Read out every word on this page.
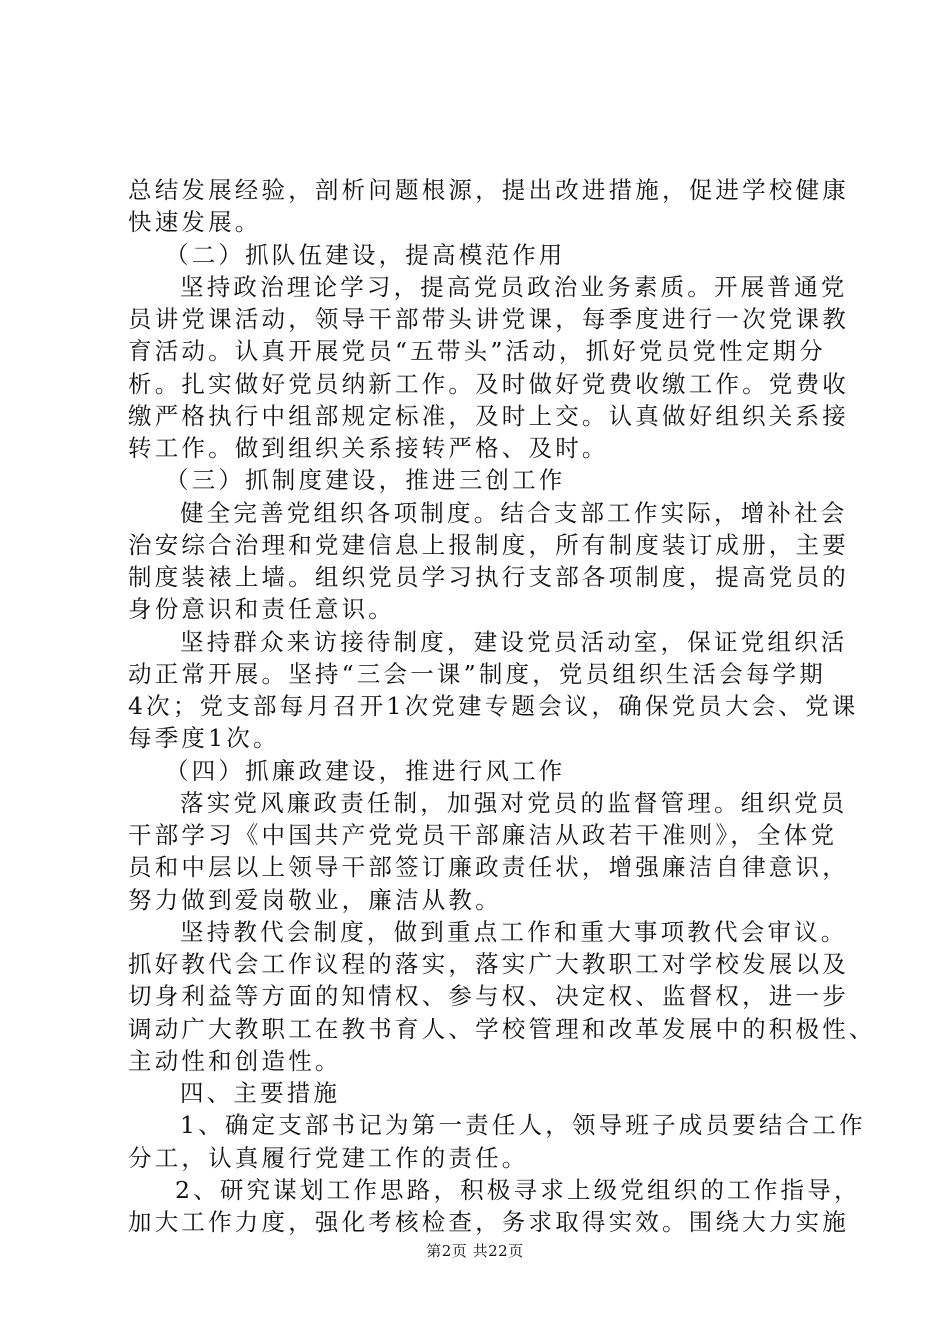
总结发展经验，剖析问题根源，提出改进措施，促进学校健康
快速发展。
（二）抓队伍建设，提高模范作用
坚持政治理论学习，提高党员政治业务素质。开展普通党
员讲党课活动，领导干部带头讲党课，每季度进行一次党课教
育活动。认真开展党员“五带头”活动，抓好党员党性定期分
析。扎实做好党员纳新工作。及时做好党费收缴工作。党费收
缴严格执行中组部规定标准，及时上交。认真做好组织关系接
转工作。做到组织关系接转严格、及时。
（三）抓制度建设，推进三创工作
健全完善党组织各项制度。结合支部工作实际，增补社会
治安综合治理和党建信息上报制度，所有制度装订成册，主要
制度装裱上墙。组织党员学习执行支部各项制度，提高党员的
身份意识和责任意识。
坚持群众来访接待制度，建设党员活动室，保证党组织活
动正常开展。坚持“三会一课”制度，党员组织生活会每学期
4次；党支部每月召开1次党建专题会议，确保党员大会、党课
每季度1次。
（四）抓廉政建设，推进行风工作
落实党风廉政责任制，加强对党员的监督管理。组织党员
干部学习《中国共产党党员干部廉洁从政若干准则》，全体党
员和中层以上领导干部签订廉政责任状，增强廉洁自律意识，
努力做到爱岗敬业，廉洁从教。
坚持教代会制度，做到重点工作和重大事项教代会审议。
抓好教代会工作议程的落实，落实广大教职工对学校发展以及
切身利益等方面的知情权、参与权、决定权、监督权，进一步
调动广大教职工在教书育人、学校管理和改革发展中的积极性、
主动性和创造性。
四、主要措施
1、确定支部书记为第一责任人，领导班子成员要结合工作
分工，认真履行党建工作的责任。
2、研究谋划工作思路，积极寻求上级党组织的工作指导，
加大工作力度，强化考核检查，务求取得实效。围绕大力实施
第2页 共22页
